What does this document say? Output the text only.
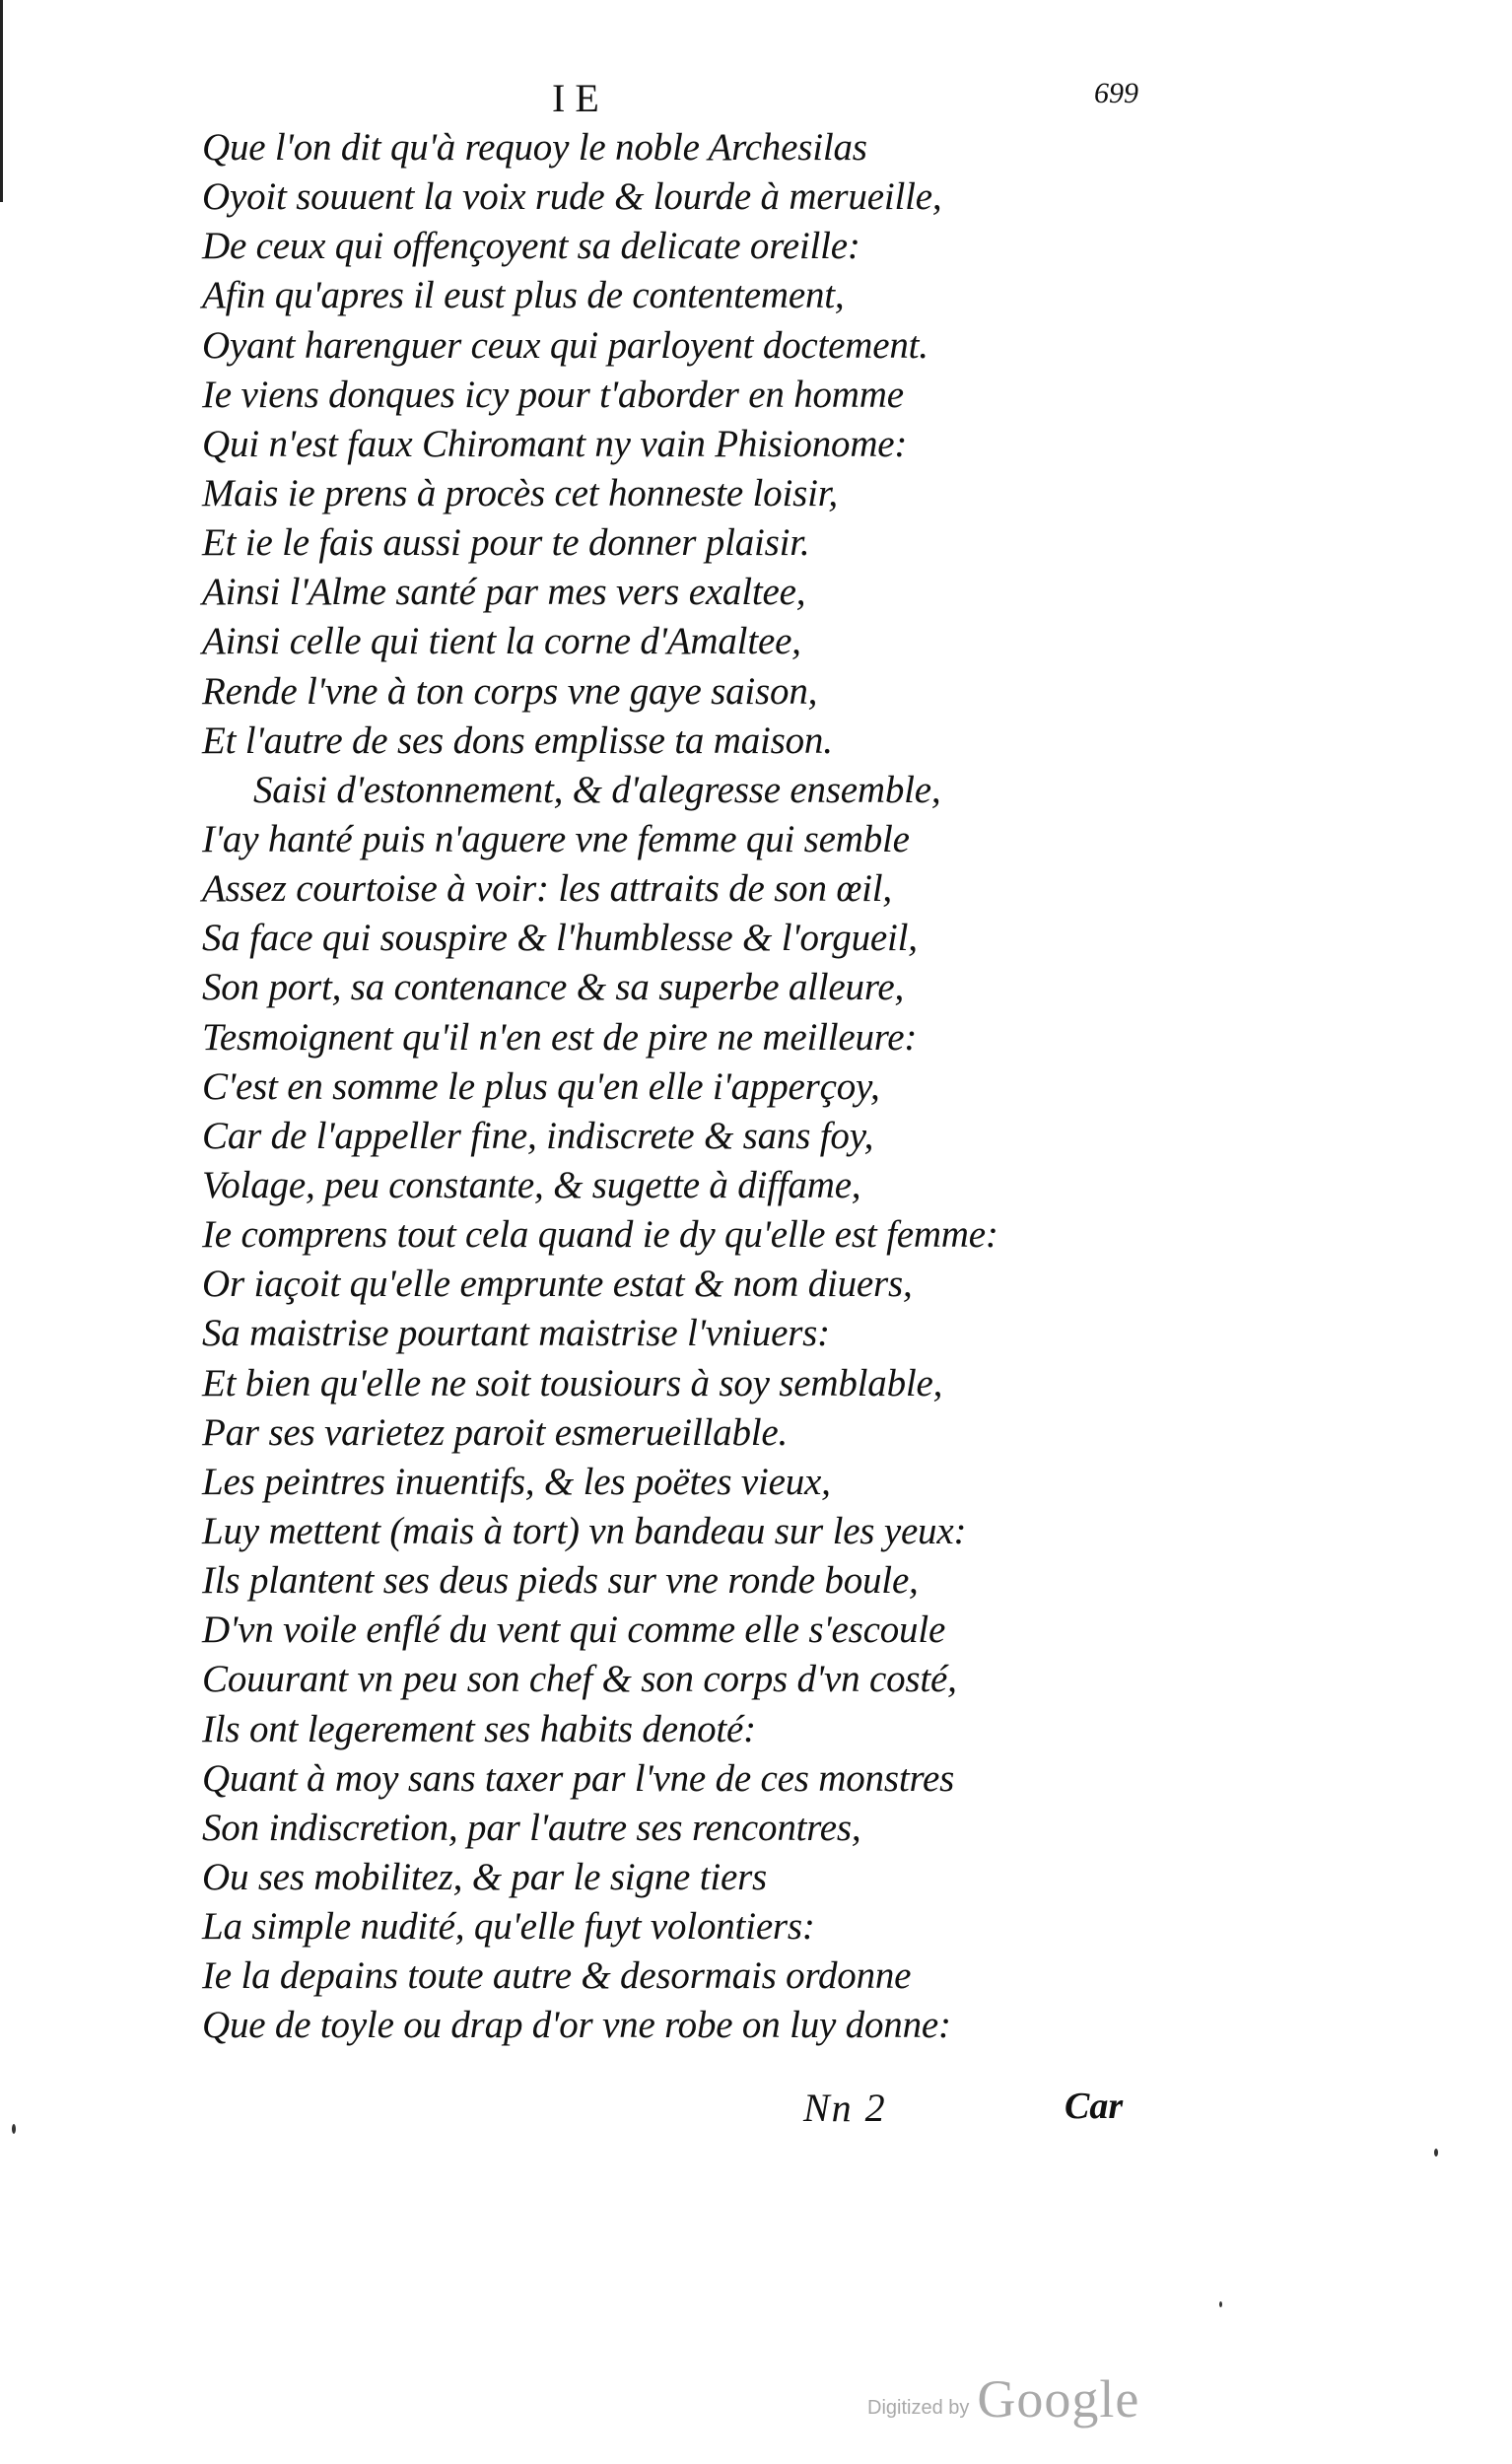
IE	699
Que l'on dit qu'à requoy le noble Archesilas
Oyoit souuent la voix rude & lourde à merueille,
De ceux qui offençoyent sa delicate oreille:
Afin qu'apres il eust plus de contentement,
Oyant harenguer ceux qui parloyent doctement.
Ie viens donques icy pour t'aborder en homme
Qui n'est faux Chiromant ny vain Phisionome:
Mais ie prens à procès cet honneste loisir,
Et ie le fais aussi pour te donner plaisir.
Ainsi l'Alme santé par mes vers exaltee,
Ainsi celle qui tient la corne d'Amaltee,
Rende l'vne à ton corps vne gaye saison,
Et l'autre de ses dons emplisse ta maison.
Saisi d'estonnement, & d'alegresse ensemble,
I'ay hanté puis n'aguere vne femme qui semble
Assez courtoise à voir: les attraits de son œil,
Sa face qui souspire & l'humblesse & l'orgueil,
Son port, sa contenance & sa superbe alleure,
Tesmoignent qu'il n'en est de pire ne meilleure:
C'est en somme le plus qu'en elle i'apperçoy,
Car de l'appeller fine, indiscrete & sans foy,
Volage, peu constante, & sugette à diffame,
Ie comprens tout cela quand ie dy qu'elle est femme:
Or iaçoit qu'elle emprunte estat & nom diuers,
Sa maistrise pourtant maistrise l'vniuers:
Et bien qu'elle ne soit tousiours à soy semblable,
Par ses varietez paroit esmerueillable.
Les peintres inuentifs, & les poëtes vieux,
Luy mettent (mais à tort) vn bandeau sur les yeux:
Ils plantent ses deus pieds sur vne ronde boule,
D'vn voile enflé du vent qui comme elle s'escoule
Couurant vn peu son chef & son corps d'vn costé,
Ils ont legerement ses habits denoté:
Quant à moy sans taxer par l'vne de ces monstres
Son indiscretion, par l'autre ses rencontres,
Ou ses mobilitez, & par le signe tiers
La simple nudité, qu'elle fuyt volontiers:
Ie la depains toute autre & desormais ordonne
Que de toyle ou drap d'or vne robe on luy donne:
Nn 2	Car
Digitized by Google
